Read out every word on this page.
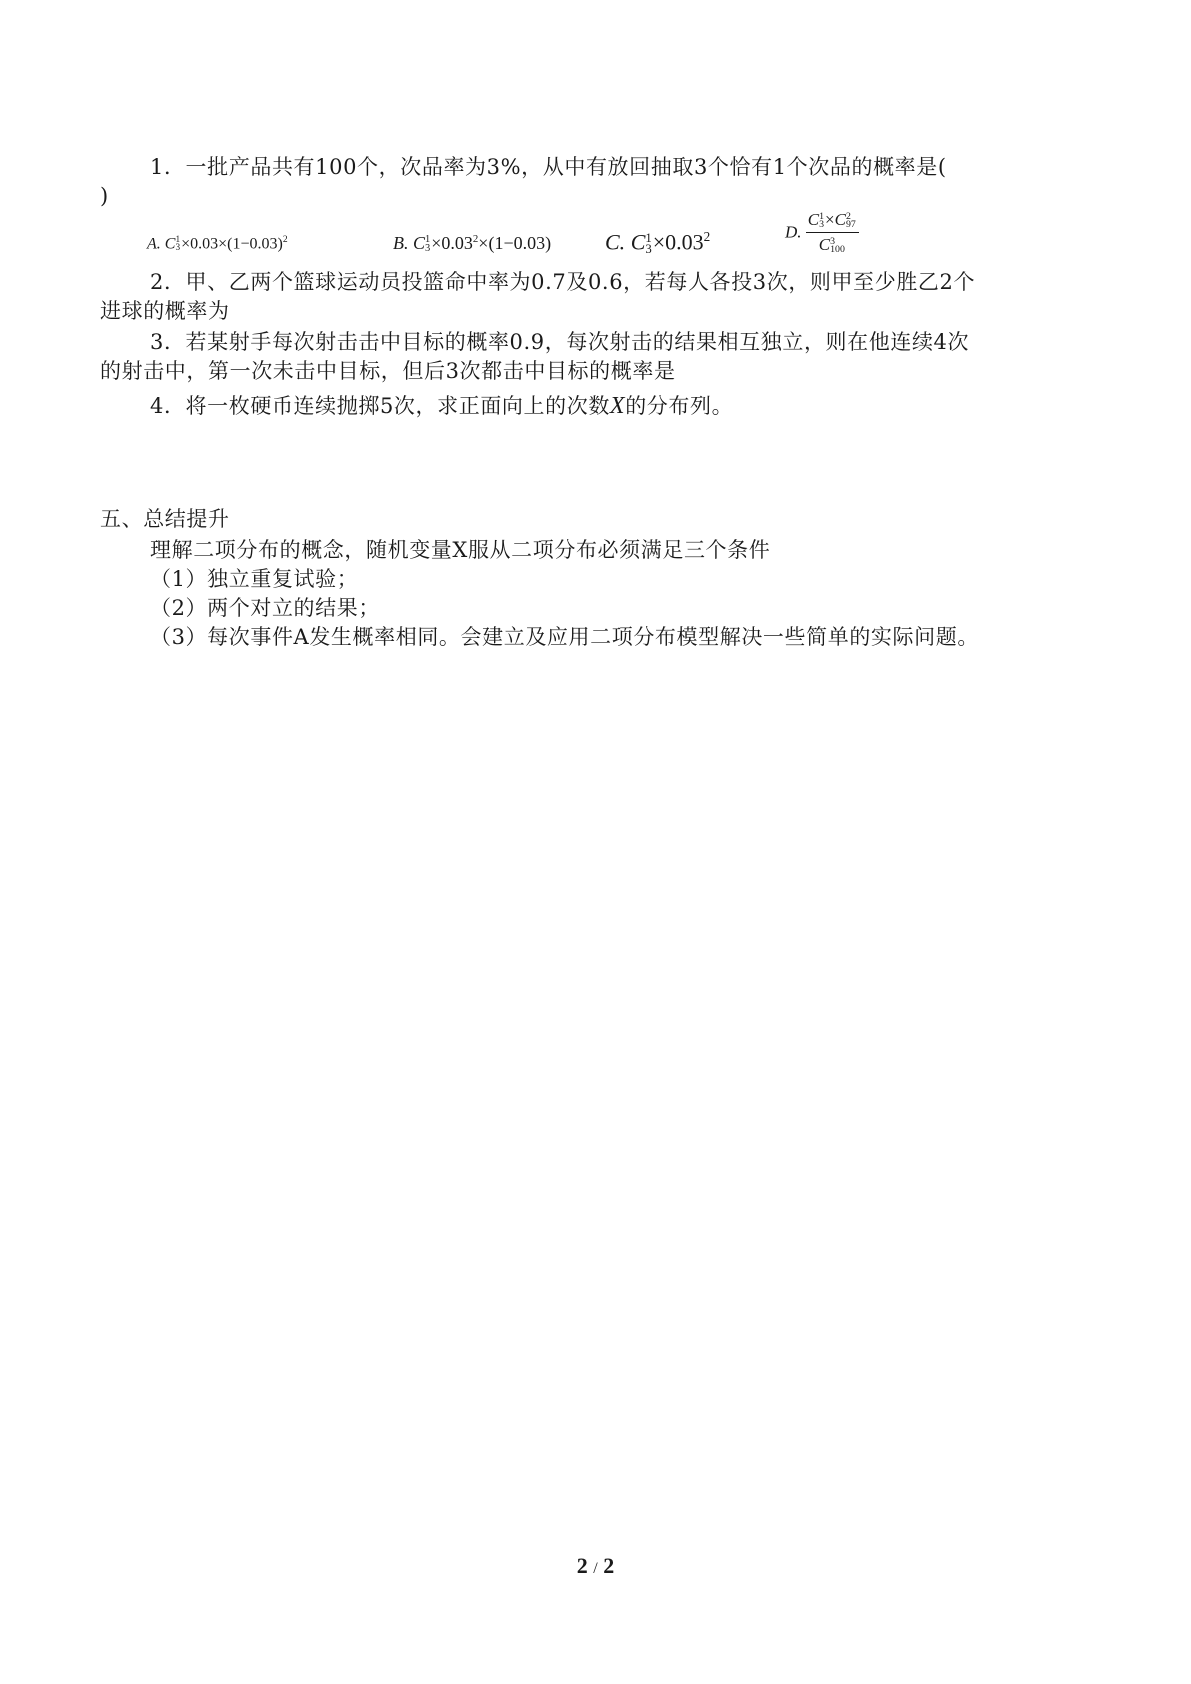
1．一批产品共有100个，次品率为3%，从中有放回抽取3个恰有1个次品的概率是(
)
A. C 1
$3 \times 0.03\times(1-0.03)^2$	B. C 1
$3 \times 0.03^2\times(1-0.03)$ C. C 1
$3 \times 0.03^2$	D. C 1
3 ×C 2
97
C 3
100
2．甲、乙两个篮球运动员投篮命中率为0.7及0.6，若每人各投3次，则甲至少胜乙2个
进球的概率为
3．若某射手每次射击击中目标的概率0.9，每次射击的结果相互独立，则在他连续4次
的射击中，第一次未击中目标，但后3次都击中目标的概率是
4．将一枚硬币连续抛掷5次，求正面向上的次数X的分布列。
五、总结提升
理解二项分布的概念，随机变量X服从二项分布必须满足三个条件
（1）独立重复试验；
（2）两个对立的结果；
（3）每次事件A发生概率相同。会建立及应用二项分布模型解决一些简单的实际问题。
2 / 2
